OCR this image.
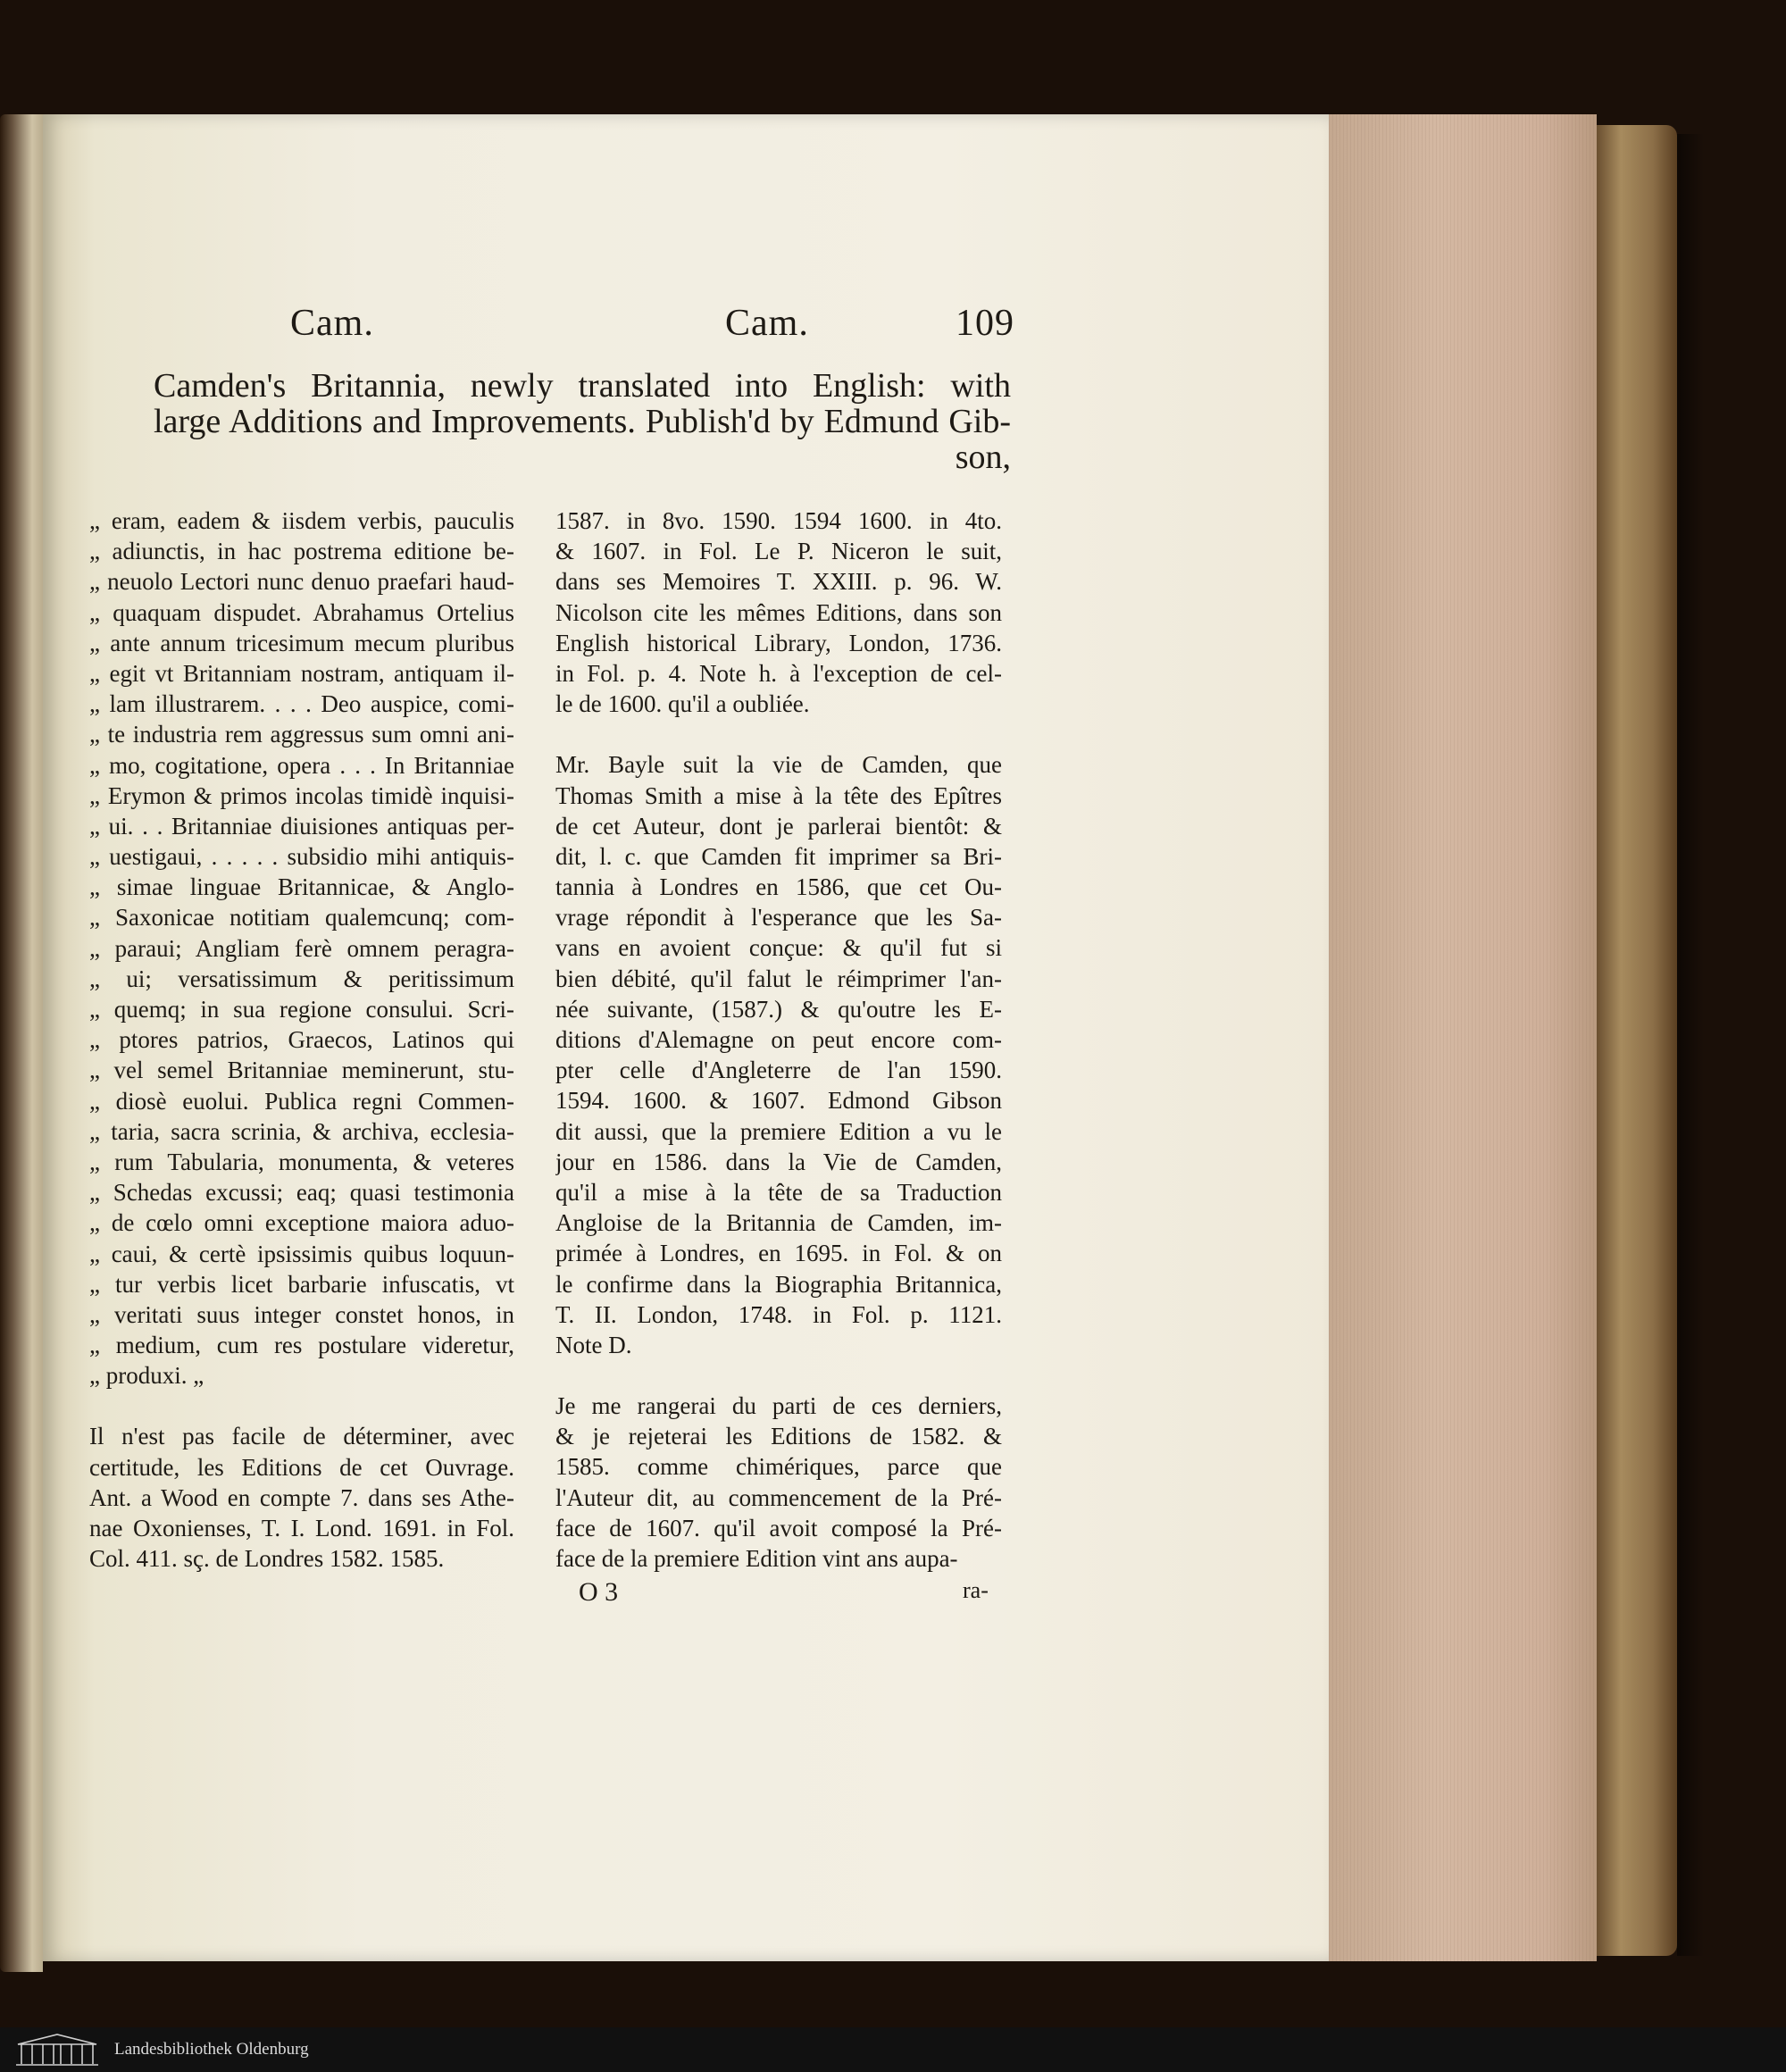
Cam.	Cam.	109
Camden's Britannia, newly translated into English: with
large Additions and Improvements. Publish'd by Edmund Gib-
son,
„ eram, eadem & iisdem verbis, pauculis
„ adiunctis, in hac postrema editione be-
„ neuolo Lectori nunc denuo praefari haud-
„ quaquam dispudet. Abrahamus Ortelius
„ ante annum tricesimum mecum pluribus
„ egit vt Britanniam nostram, antiquam il-
„ lam illustrarem. . . . Deo auspice, comi-
„ te industria rem aggressus sum omni ani-
„ mo, cogitatione, opera . . . In Britanniae
„ Erymon & primos incolas timidè inquisi-
„ ui. . . Britanniae diuisiones antiquas per-
„ uestigaui, . . . . . subsidio mihi antiquis-
„ simae linguae Britannicae, & Anglo-
„ Saxonicae notitiam qualemcunq; com-
„ paraui; Angliam ferè omnem peragra-
„ ui; versatissimum & peritissimum
„ quemq; in sua regione consului. Scri-
„ ptores patrios, Graecos, Latinos qui
„ vel semel Britanniae meminerunt, stu-
„ diosè euolui. Publica regni Commen-
„ taria, sacra scrinia, & archiva, ecclesia-
„ rum Tabularia, monumenta, & veteres
„ Schedas excussi; eaq; quasi testimonia
„ de cœlo omni exceptione maiora aduo-
„ caui, & certè ipsissimis quibus loquun-
„ tur verbis licet barbarie infuscatis, vt
„ veritati suus integer constet honos, in
„ medium, cum res postulare videretur,
„ produxi. „
Il n'est pas facile de déterminer, avec
certitude, les Editions de cet Ouvrage.
Ant. a Wood en compte 7. dans ses Athe-
nae Oxonienses, T. I. Lond. 1691. in Fol.
Col. 411. sç. de Londres 1582. 1585.
1587. in 8vo. 1590. 1594 1600. in 4to.
& 1607. in Fol. Le P. Niceron le suit,
dans ses Memoires T. XXIII. p. 96. W.
Nicolson cite les mêmes Editions, dans son
English historical Library, London, 1736.
in Fol. p. 4. Note h. à l'exception de cel-
le de 1600. qu'il a oubliée.
Mr. Bayle suit la vie de Camden, que
Thomas Smith a mise à la tête des Epîtres
de cet Auteur, dont je parlerai bientôt: &
dit, l. c. que Camden fit imprimer sa Bri-
tannia à Londres en 1586, que cet Ou-
vrage répondit à l'esperance que les Sa-
vans en avoient conçue: & qu'il fut si
bien débité, qu'il falut le réimprimer l'an-
née suivante, (1587.) & qu'outre les E-
ditions d'Alemagne on peut encore com-
pter celle d'Angleterre de l'an 1590.
1594. 1600. & 1607. Edmond Gibson
dit aussi, que la premiere Edition a vu le
jour en 1586. dans la Vie de Camden,
qu'il a mise à la tête de sa Traduction
Angloise de la Britannia de Camden, im-
primée à Londres, en 1695. in Fol. & on
le confirme dans la Biographia Britannica,
T. II. London, 1748. in Fol. p. 1121.
Note D.
Je me rangerai du parti de ces derniers,
& je rejeterai les Editions de 1582. &
1585. comme chimériques, parce que
l'Auteur dit, au commencement de la Pré-
face de 1607. qu'il avoit composé la Pré-
face de la premiere Edition vint ans aupa-
O 3	ra-
Landesbibliothek Oldenburg
